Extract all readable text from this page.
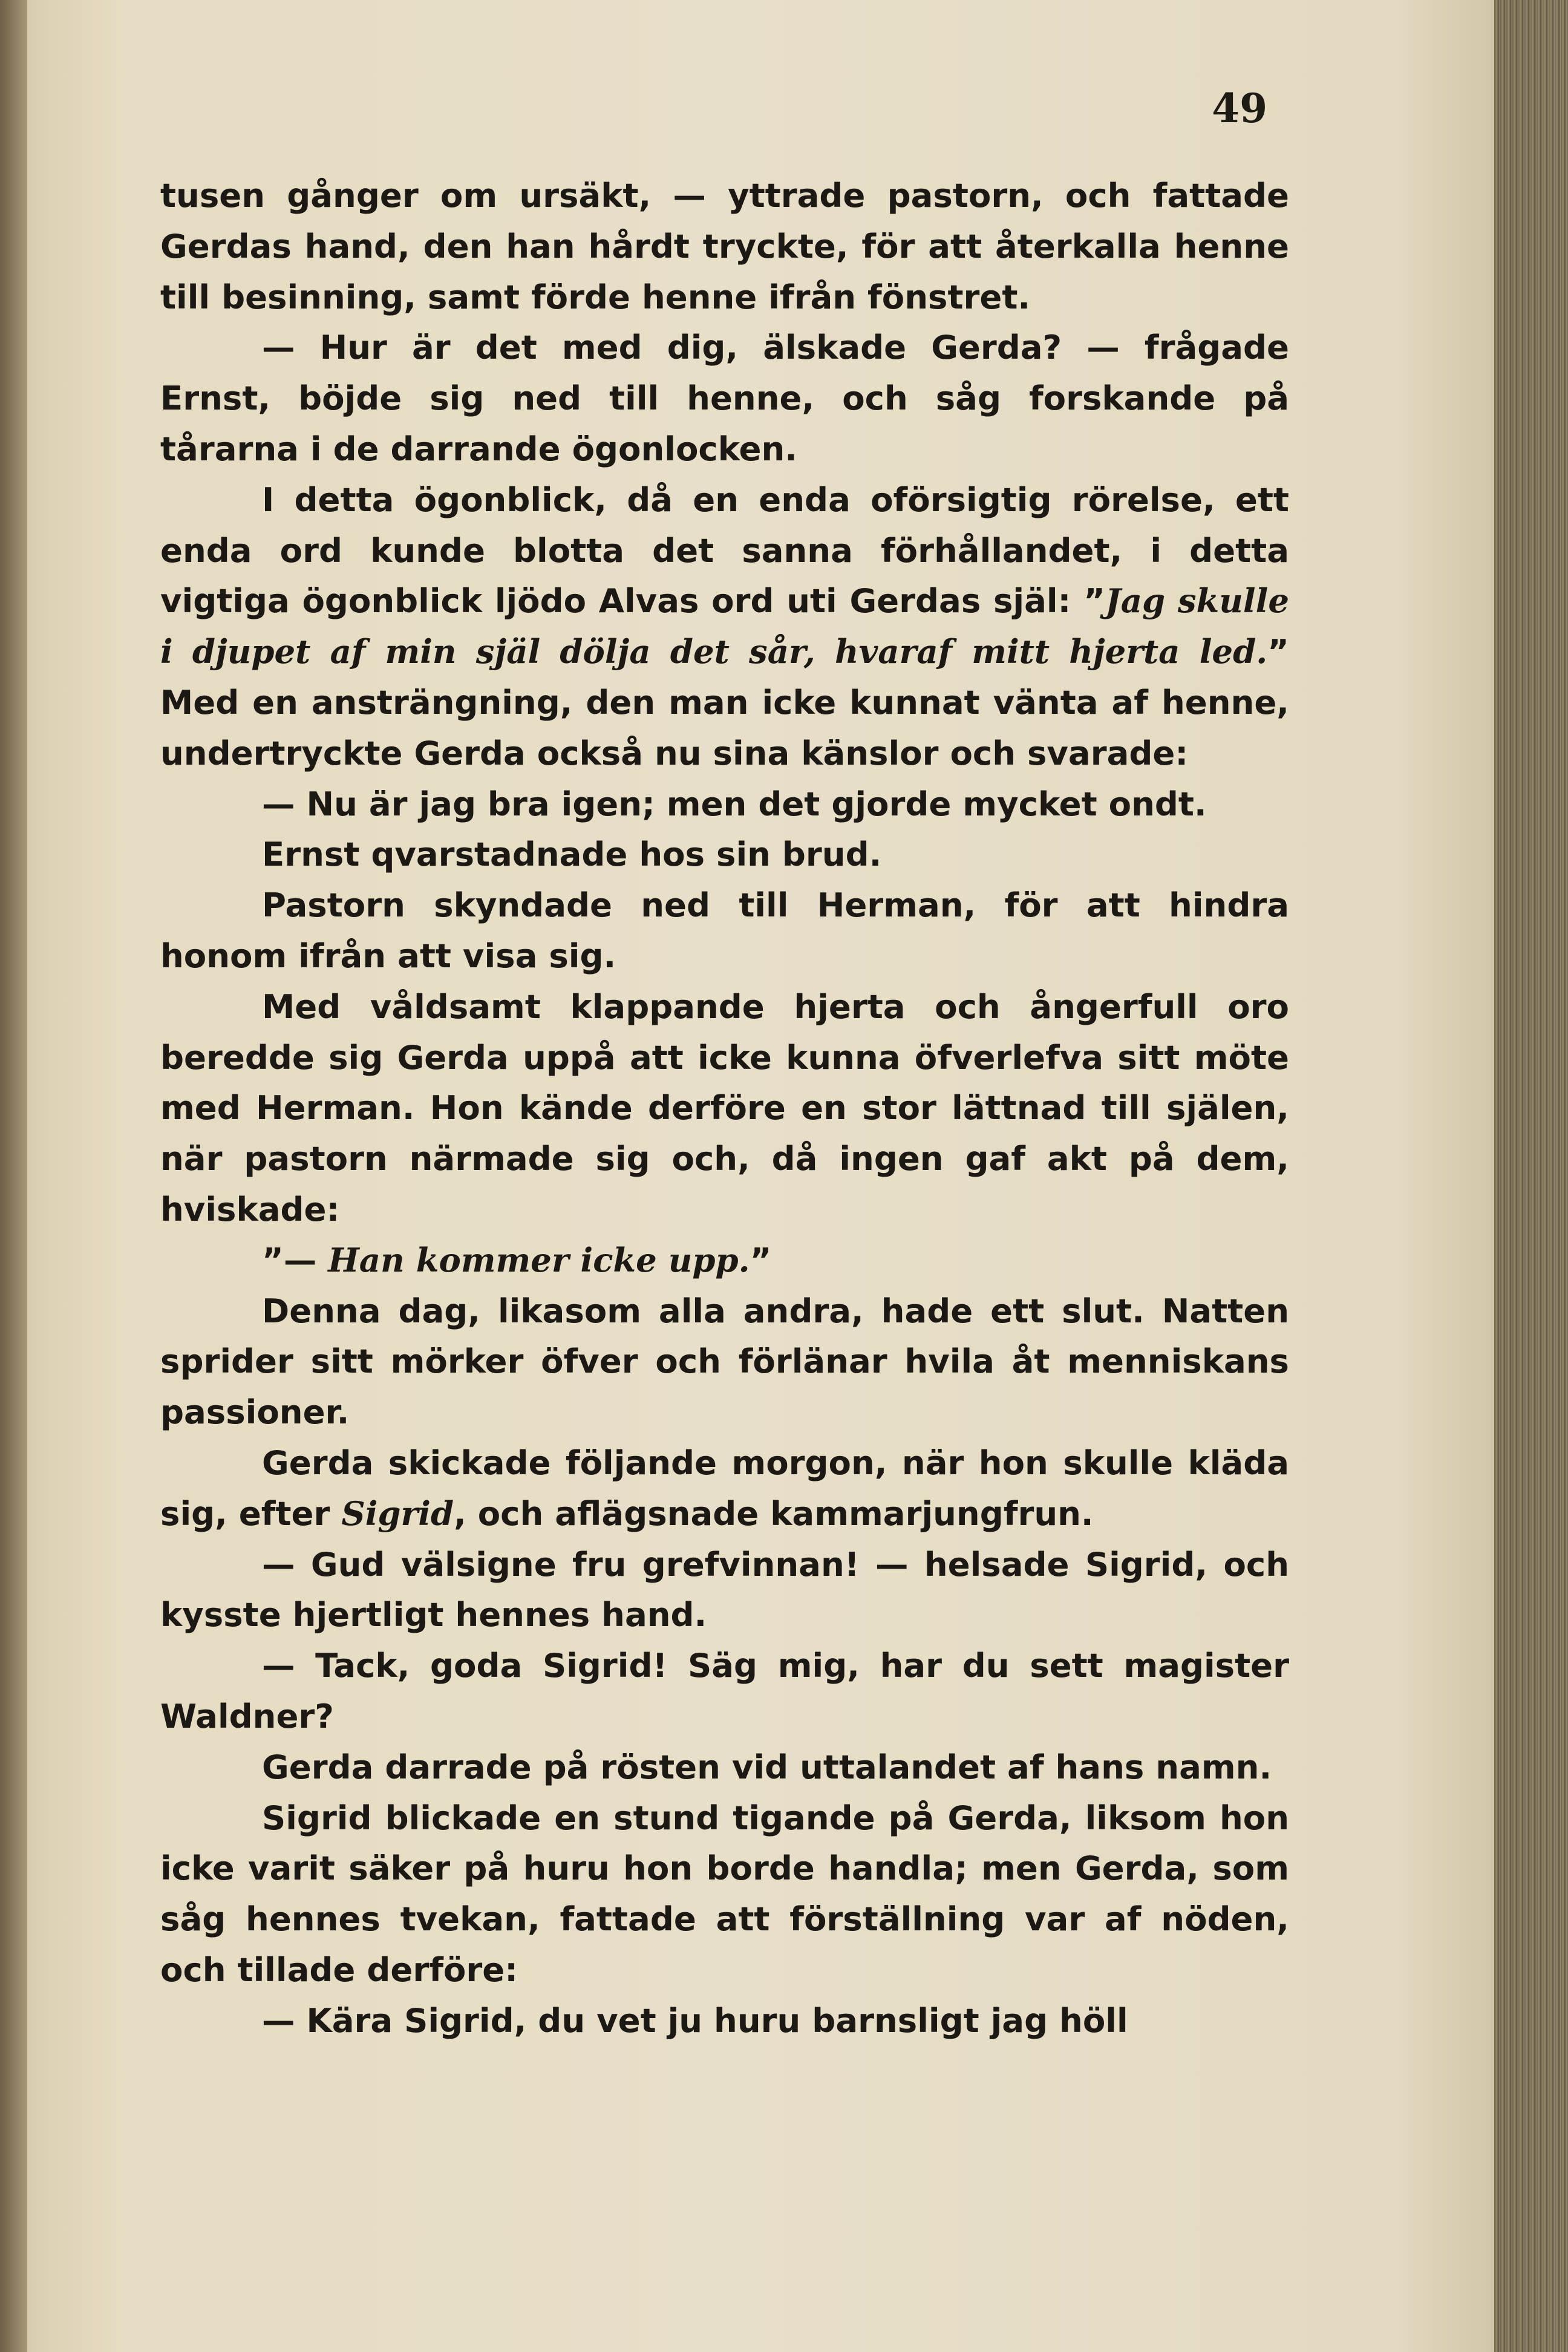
49

tusen gånger om ursäkt, — yttrade pastorn, och fattade Gerdas hand, den han hårdt tryckte, för att återkalla henne till besinning, samt förde henne ifrån fönstret.

— Hur är det med dig, älskade Gerda? — frågade Ernst, böjde sig ned till henne, och såg forskande på tårarna i de darrande ögonlocken.

I detta ögonblick, då en enda oförsigtig rörelse, ett enda ord kunde blotta det sanna förhållandet, i detta vigtiga ögonblick ljödo Alvas ord uti Gerdas själ: ”Jag skulle i djupet af min själ dölja det sår, hvaraf mitt hjerta led.” Med en ansträngning, den man icke kunnat vänta af henne, undertryckte Gerda också nu sina känslor och svarade:

— Nu är jag bra igen; men det gjorde mycket ondt.

Ernst qvarstadnade hos sin brud.

Pastorn skyndade ned till Herman, för att hindra honom ifrån att visa sig.

Med våldsamt klappande hjerta och ångerfull oro beredde sig Gerda uppå att icke kunna öfverlefva sitt möte med Herman. Hon kände derföre en stor lättnad till själen, när pastorn närmade sig och, då ingen gaf akt på dem, hviskade:

”— Han kommer icke upp.”

Denna dag, likasom alla andra, hade ett slut. Natten sprider sitt mörker öfver och förlänar hvila åt menniskans passioner.

Gerda skickade följande morgon, när hon skulle kläda sig, efter Sigrid, och aflägsnade kammarjungfrun.

— Gud välsigne fru grefvinnan! — helsade Sigrid, och kysste hjertligt hennes hand.

— Tack, goda Sigrid! Säg mig, har du sett magister Waldner?

Gerda darrade på rösten vid uttalandet af hans namn.

Sigrid blickade en stund tigande på Gerda, liksom hon icke varit säker på huru hon borde handla; men Gerda, som såg hennes tvekan, fattade att förställning var af nöden, och tillade derföre:

— Kära Sigrid, du vet ju huru barnsligt jag höll
